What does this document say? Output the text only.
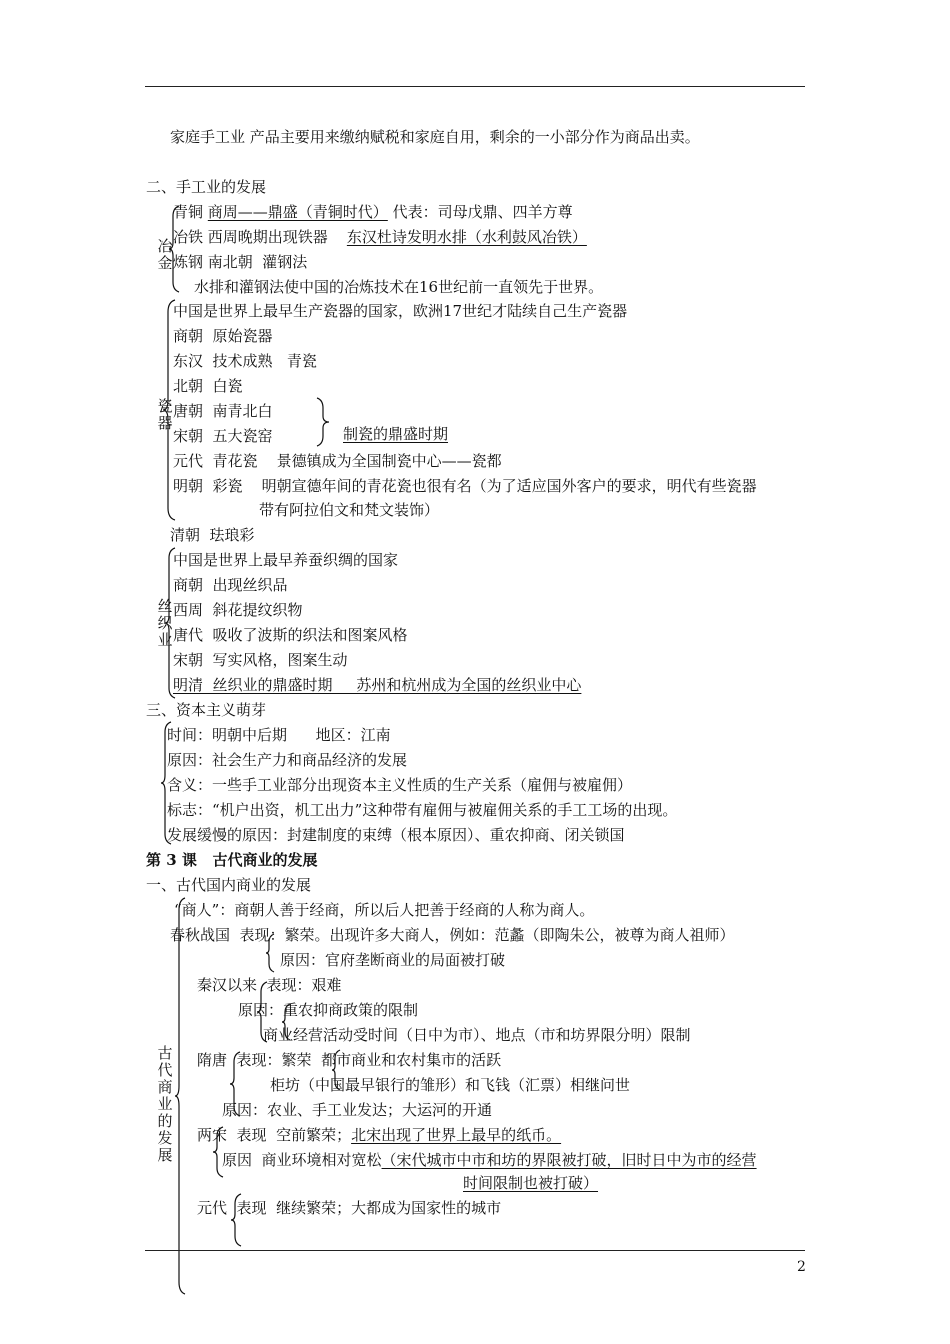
家庭手工业 产品主要用来缴纳赋税和家庭自用，剩余的一小部分作为商品出卖。
二、手工业的发展
冶金
青铜 商周——鼎盛（青铜时代） 代表：司母戊鼎、四羊方尊
冶铁 西周晚期出现铁器 东汉杜诗发明水排（水利鼓风冶铁）
炼钢 南北朝  灌钢法
水排和灌钢法使中国的冶炼技术在16世纪前一直领先于世界。
瓷器
中国是世界上最早生产瓷器的国家，欧洲17世纪才陆续自己生产瓷器
商朝  原始瓷器
东汉  技术成熟   青瓷
北朝  白瓷
唐朝  南青北白
宋朝  五大瓷窑	制瓷的鼎盛时期
元代  青花瓷    景德镇成为全国制瓷中心——瓷都
明朝  彩瓷    明朝宣德年间的青花瓷也很有名（为了适应国外客户的要求，明代有些瓷器
带有阿拉伯文和梵文装饰）
清朝  珐琅彩
丝织业
中国是世界上最早养蚕织绸的国家
商朝  出现丝织品
西周  斜花提纹织物
唐代  吸收了波斯的织法和图案风格
宋朝  写实风格，图案生动
明清  丝织业的鼎盛时期     苏州和杭州成为全国的丝织业中心
三、资本主义萌芽
时间：明朝中后期      地区：江南
原因：社会生产力和商品经济的发展
含义：一些手工业部分出现资本主义性质的生产关系（雇佣与被雇佣）
标志：“机户出资，机工出力”这种带有雇佣与被雇佣关系的手工工场的出现。
发展缓慢的原因：封建制度的束缚（根本原因）、重农抑商、闭关锁国
第 3 课   古代商业的发展
一、古代国内商业的发展
古代商业的发展
“商人”：商朝人善于经商，所以后人把善于经商的人称为商人。
春秋战国  表现：繁荣。出现许多大商人，例如：范蠡（即陶朱公，被尊为商人祖师）
原因：官府垄断商业的局面被打破
秦汉以来  表现：艰难
原因：重农抑商政策的限制
商业经营活动受时间（日中为市）、地点（市和坊界限分明）限制
隋唐  表现：繁荣  都市商业和农村集市的活跃
柜坊（中国最早银行的雏形）和飞钱（汇票）相继问世
原因：农业、手工业发达；大运河的开通
两宋  表现  空前繁荣；北宋出现了世界上最早的纸币。
原因  商业环境相对宽松（宋代城市中市和坊的界限被打破，旧时日中为市的经营
时间限制也被打破）
元代  表现  继续繁荣；大都成为国家性的城市
2
